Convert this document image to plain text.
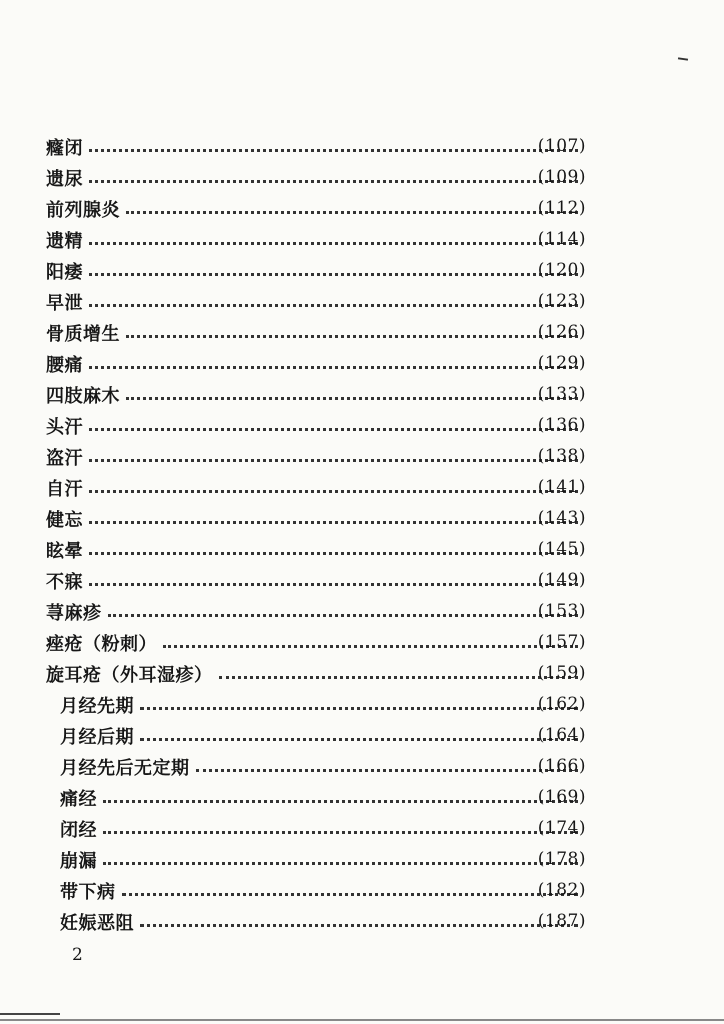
癃闭	(107)
遗尿	(109)
前列腺炎	(112)
遗精	(114)
阳痿	(120)
早泄	(123)
骨质增生	(126)
腰痛	(129)
四肢麻木	(133)
头汗	(136)
盗汗	(138)
自汗	(141)
健忘	(143)
眩晕	(145)
不寐	(149)
荨麻疹	(153)
痤疮（粉刺）	(157)
旋耳疮（外耳湿疹）	(159)
月经先期	(162)
月经后期	(164)
月经先后无定期	(166)
痛经	(169)
闭经	(174)
崩漏	(178)
带下病	(182)
妊娠恶阻	(187)
2
